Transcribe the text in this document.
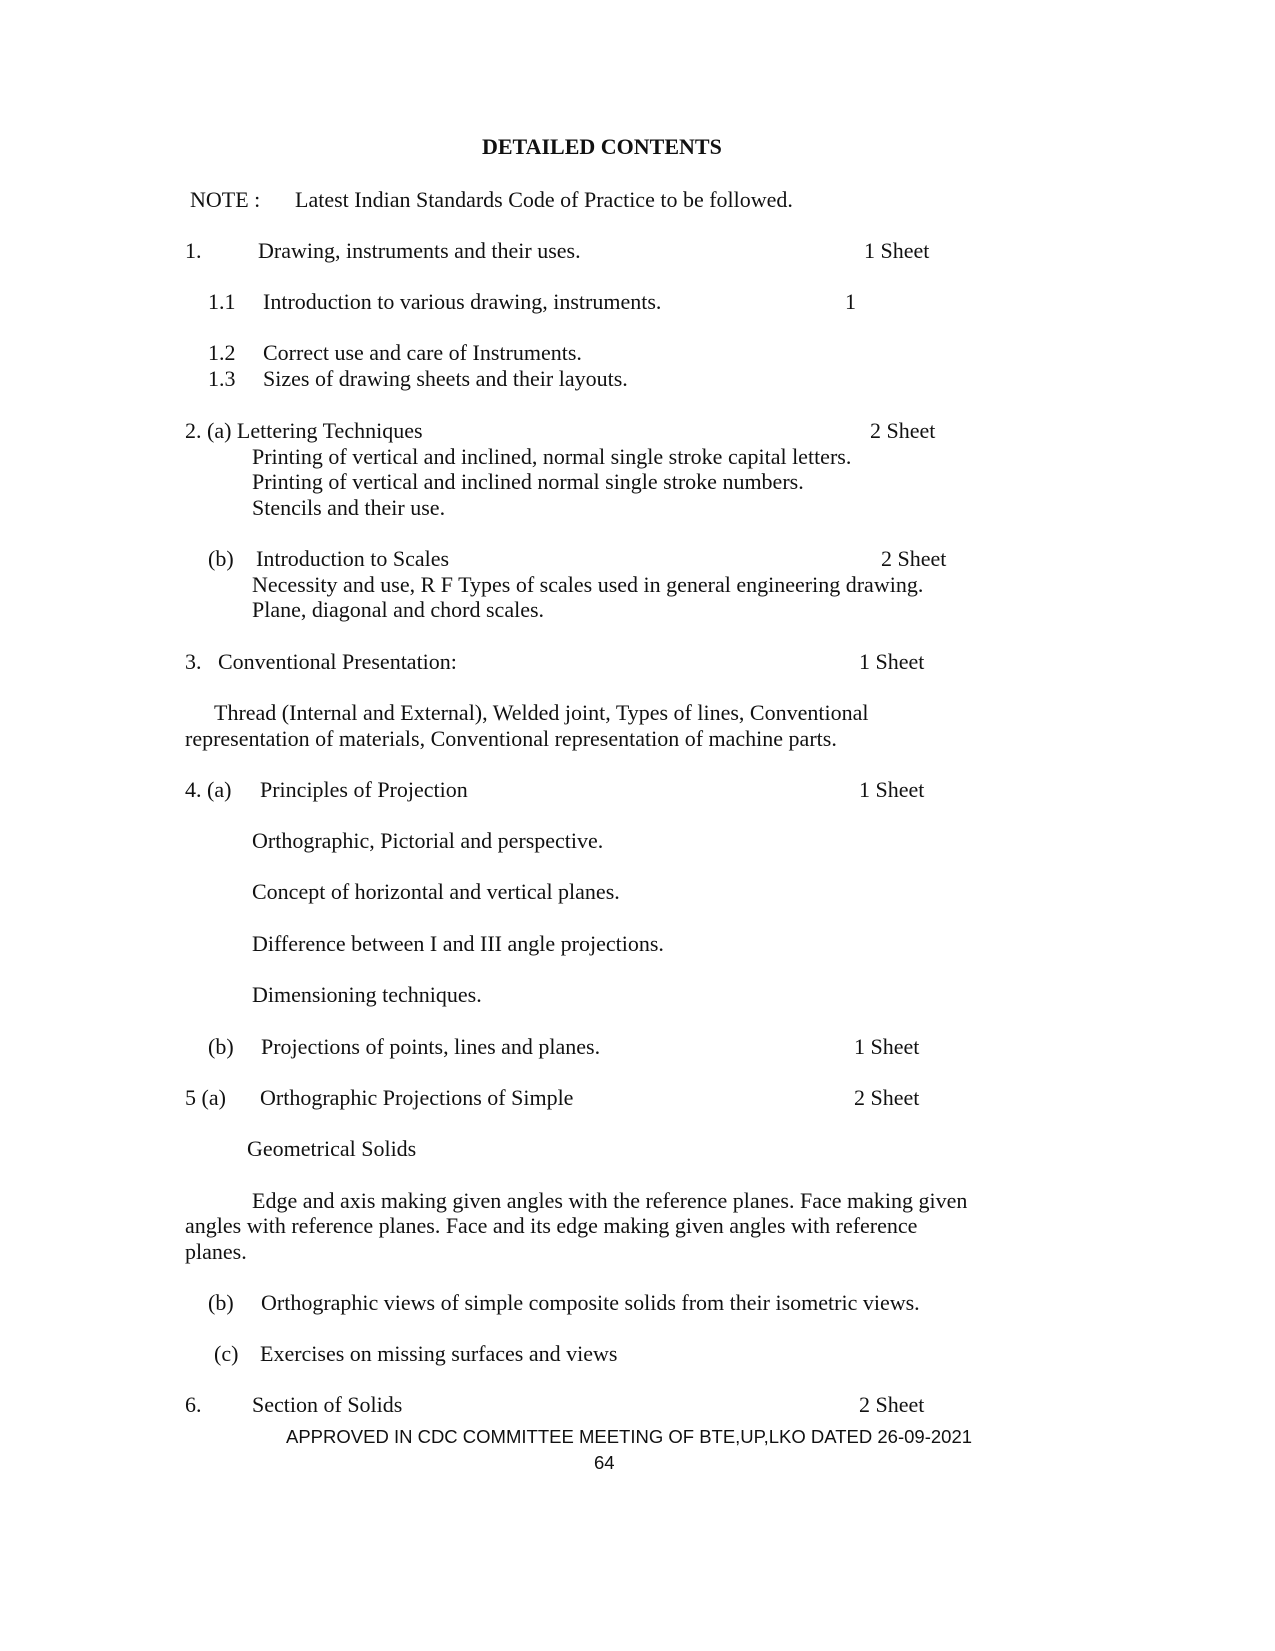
DETAILED CONTENTS
NOTE : Latest Indian Standards Code of Practice to be followed.
1.	Drawing, instruments and their uses.	1 Sheet
1.1 Introduction to various drawing, instruments.	1
1.2 Correct use and care of Instruments.
1.3 Sizes of drawing sheets and their layouts.
2. (a) Lettering Techniques	2 Sheet
Printing of vertical and inclined, normal single stroke capital letters.
Printing of vertical and inclined normal single stroke numbers.
Stencils and their use.
(b) Introduction to Scales	2 Sheet
Necessity and use, R F Types of scales used in general engineering drawing.
Plane, diagonal and chord scales.
3. Conventional Presentation:	1 Sheet
Thread (Internal and External), Welded joint, Types of lines, Conventional
representation of materials, Conventional representation of machine parts.
4. (a) Principles of Projection	1 Sheet
Orthographic, Pictorial and perspective.
Concept of horizontal and vertical planes.
Difference between I and III angle projections.
Dimensioning techniques.
(b) Projections of points, lines and planes.	1 Sheet
5 (a) Orthographic Projections of Simple	2 Sheet
Geometrical Solids
Edge and axis making given angles with the reference planes. Face making given
angles with reference planes. Face and its edge making given angles with reference
planes.
(b) Orthographic views of simple composite solids from their isometric views.
(c) Exercises on missing surfaces and views
6. Section of Solids	2 Sheet
APPROVED IN CDC COMMITTEE MEETING OF BTE,UP,LKO DATED 26-09-2021
64
